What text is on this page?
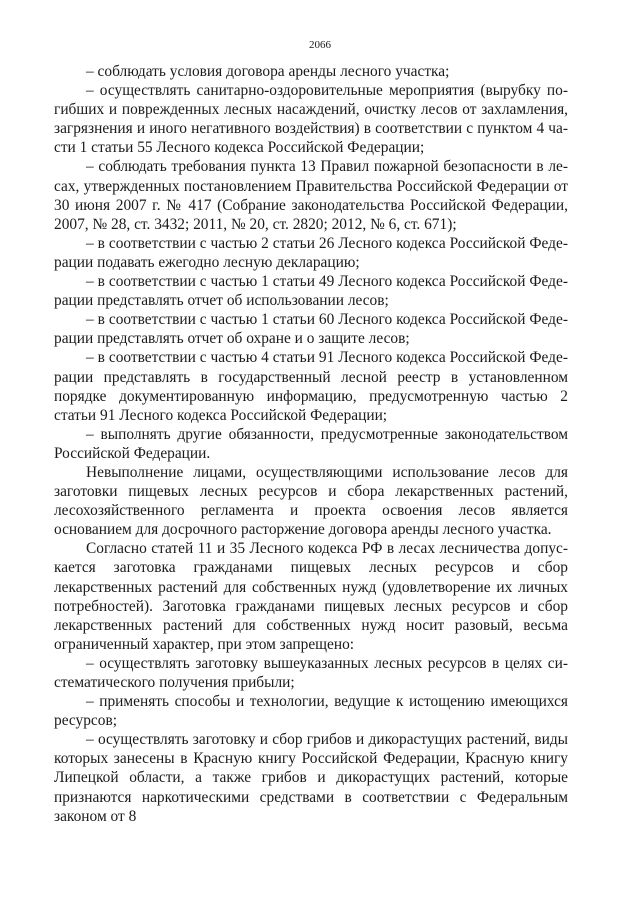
2066

– соблюдать условия договора аренды лесного участка;

– осуществлять санитарно-оздоровительные мероприятия (вырубку погибших и поврежденных лесных насаждений, очистку лесов от захламления, загрязнения и иного негативного воздействия) в соответствии с пунктом 4 части 1 статьи 55 Лесного кодекса Российской Федерации;

– соблюдать требования пункта 13 Правил пожарной безопасности в лесах, утвержденных постановлением Правительства Российской Федерации от 30 июня 2007 г. № 417 (Собрание законодательства Российской Федерации, 2007, № 28, ст. 3432; 2011, № 20, ст. 2820; 2012, № 6, ст. 671);

– в соответствии с частью 2 статьи 26 Лесного кодекса Российской Федерации подавать ежегодно лесную декларацию;

– в соответствии с частью 1 статьи 49 Лесного кодекса Российской Федерации представлять отчет об использовании лесов;

– в соответствии с частью 1 статьи 60 Лесного кодекса Российской Федерации представлять отчет об охране и о защите лесов;

– в соответствии с частью 4 статьи 91 Лесного кодекса Российской Федерации представлять в государственный лесной реестр в установленном порядке документированную информацию, предусмотренную частью 2 статьи 91 Лесного кодекса Российской Федерации;

– выполнять другие обязанности, предусмотренные законодательством Российской Федерации.

Невыполнение лицами, осуществляющими использование лесов для заготовки пищевых лесных ресурсов и сбора лекарственных растений, лесохозяйственного регламента и проекта освоения лесов является основанием для досрочного расторжение договора аренды лесного участка.

Согласно статей 11 и 35 Лесного кодекса РФ в лесах лесничества допускается заготовка гражданами пищевых лесных ресурсов и сбор лекарственных растений для собственных нужд (удовлетворение их личных потребностей). Заготовка гражданами пищевых лесных ресурсов и сбор лекарственных растений для собственных нужд носит разовый, весьма ограниченный характер, при этом запрещено:

– осуществлять заготовку вышеуказанных лесных ресурсов в целях систематического получения прибыли;

– применять способы и технологии, ведущие к истощению имеющихся ресурсов;

– осуществлять заготовку и сбор грибов и дикорастущих растений, виды которых занесены в Красную книгу Российской Федерации, Красную книгу Липецкой области, а также грибов и дикорастущих растений, которые признаются наркотическими средствами в соответствии с Федеральным законом от 8
